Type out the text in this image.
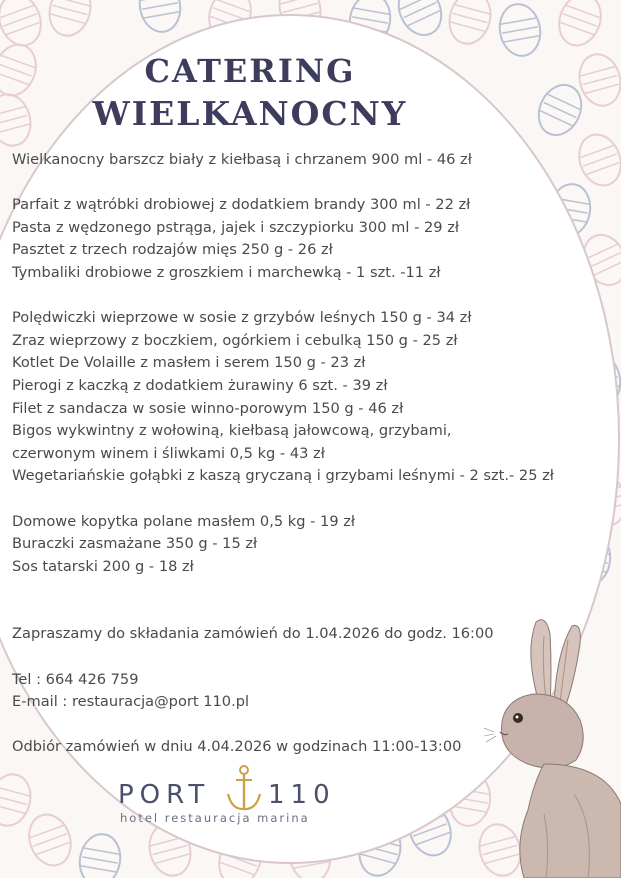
CATERING
WIELKANOCNY
Wielkanocny barszcz biały z kiełbasą i chrzanem 900 ml - 46 zł
Parfait z wątróbki drobiowej z dodatkiem brandy 300 ml - 22 zł
Pasta z wędzonego pstrąga, jajek i szczypiorku 300 ml - 29 zł
Pasztet z trzech rodzajów mięs 250 g - 26 zł
Tymbaliki drobiowe z groszkiem i marchewką - 1 szt. -11 zł
Polędwiczki wieprzowe w sosie z grzybów leśnych 150 g - 34 zł
Zraz wieprzowy z boczkiem, ogórkiem i cebulką 150 g - 25 zł
Kotlet De Volaille z masłem i serem 150 g - 23 zł
Pierogi z kaczką z dodatkiem żurawiny 6 szt. - 39 zł
Filet z sandacza w sosie winno-porowym 150 g - 46 zł
Bigos wykwintny z wołowiną, kiełbasą jałowcową, grzybami,
czerwonym winem i śliwkami 0,5 kg - 43 zł
Wegetariańskie gołąbki z kaszą gryczaną i grzybami leśnymi - 2 szt.- 25 zł
Domowe kopytka polane masłem 0,5 kg - 19 zł
Buraczki zasmażane 350 g - 15 zł
Sos tatarski 200 g - 18 zł
Zapraszamy do składania zamówień do 1.04.2026 do godz. 16:00
Tel : 664 426 759
E-mail : restauracja@port 110.pl
Odbiór zamówień w dniu 4.04.2026 w godzinach 11:00-13:00
PORT 110
hotel restauracja marina
